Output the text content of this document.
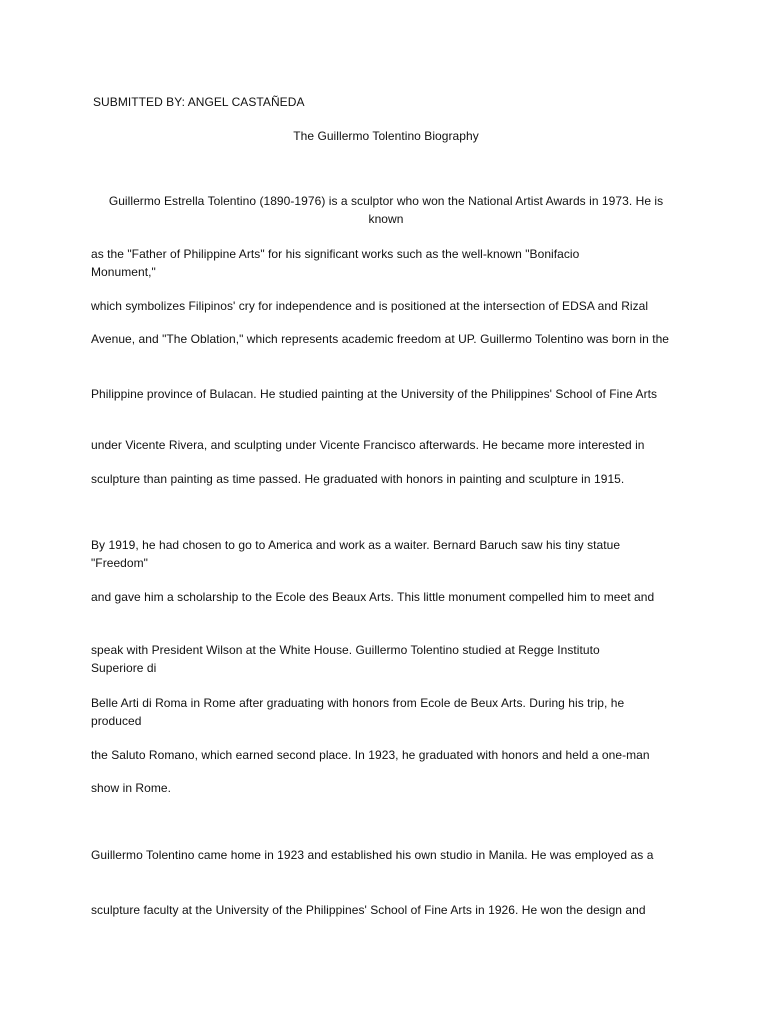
SUBMITTED BY: ANGEL CASTAÑEDA
The Guillermo Tolentino Biography
Guillermo Estrella Tolentino (1890-1976) is a sculptor who won the National Artist Awards in 1973. He is known
as the "Father of Philippine Arts" for his significant works such as the well-known "Bonifacio Monument,"
which symbolizes Filipinos' cry for independence and is positioned at the intersection of EDSA and Rizal
Avenue, and "The Oblation," which represents academic freedom at UP. Guillermo Tolentino was born in the
Philippine province of Bulacan. He studied painting at the University of the Philippines' School of Fine Arts
under Vicente Rivera, and sculpting under Vicente Francisco afterwards. He became more interested in
sculpture than painting as time passed. He graduated with honors in painting and sculpture in 1915.
By 1919, he had chosen to go to America and work as a waiter. Bernard Baruch saw his tiny statue "Freedom"
and gave him a scholarship to the Ecole des Beaux Arts. This little monument compelled him to meet and
speak with President Wilson at the White House. Guillermo Tolentino studied at Regge Instituto Superiore di
Belle Arti di Roma in Rome after graduating with honors from Ecole de Beux Arts. During his trip, he produced
the Saluto Romano, which earned second place. In 1923, he graduated with honors and held a one-man
show in Rome.
Guillermo Tolentino came home in 1923 and established his own studio in Manila. He was employed as a
sculpture faculty at the University of the Philippines' School of Fine Arts in 1926. He won the design and
